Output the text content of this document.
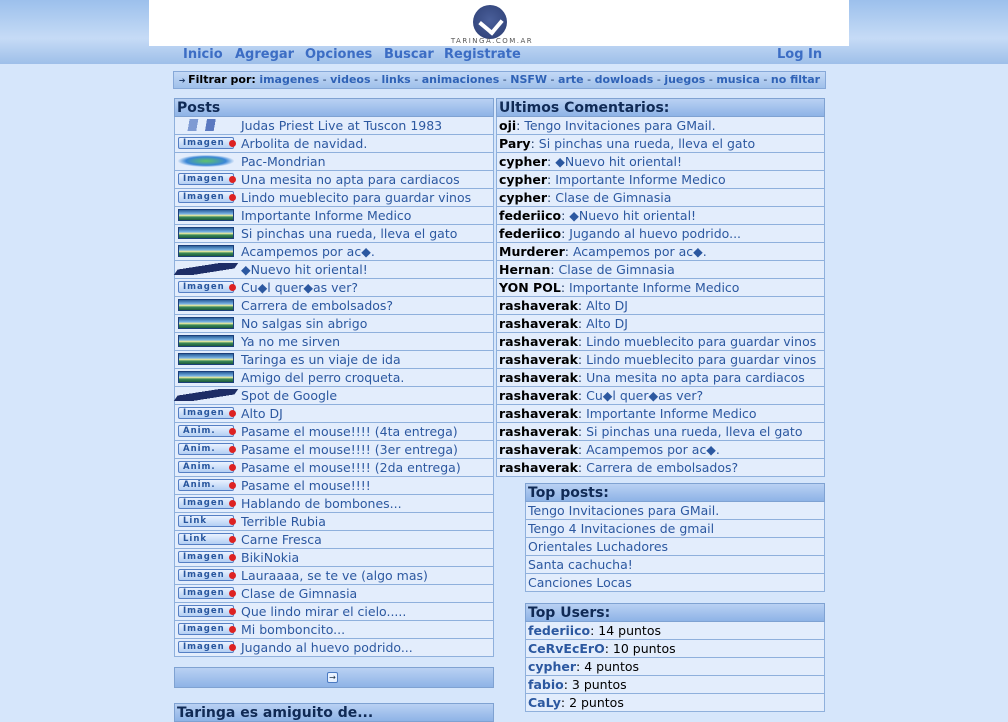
TARINGA.COM.AR
Inicio Agregar Opciones Buscar Registrate	Log In
➔ Filtrar por: imagenes - videos - links - animaciones - NSFW - arte - dowloads - juegos - musica - no filtar
Posts
Judas Priest Live at Tuscon 1983
Imagen	Arbolita de navidad.
Pac-Mondrian
Imagen	Una mesita no apta para cardiacos
Imagen	Lindo mueblecito para guardar vinos
Importante Informe Medico
Si pinchas una rueda, lleva el gato
Acampemos por ac◆.
◆Nuevo hit oriental!
Imagen	Cu◆l quer◆as ver?
Carrera de embolsados?
No salgas sin abrigo
Ya no me sirven
Taringa es un viaje de ida
Amigo del perro croqueta.
Spot de Google
Imagen	Alto DJ
Anim.	Pasame el mouse!!!! (4ta entrega)
Anim.	Pasame el mouse!!!! (3er entrega)
Anim.	Pasame el mouse!!!! (2da entrega)
Anim.	Pasame el mouse!!!!
Imagen	Hablando de bombones...
Link	Terrible Rubia
Link	Carne Fresca
Imagen	BikiNokia
Imagen	Lauraaaa, se te ve (algo mas)
Imagen	Clase de Gimnasia
Imagen	Que lindo mirar el cielo.....
Imagen	Mi bomboncito...
Imagen	Jugando al huevo podrido...
→
Taringa es amiguito de...
Ultimos Comentarios:
oji: Tengo Invitaciones para GMail.
Pary: Si pinchas una rueda, lleva el gato
cypher: ◆Nuevo hit oriental!
cypher: Importante Informe Medico
cypher: Clase de Gimnasia
federiico: ◆Nuevo hit oriental!
federiico: Jugando al huevo podrido...
Murderer: Acampemos por ac◆.
Hernan: Clase de Gimnasia
YON POL: Importante Informe Medico
rashaverak: Alto DJ
rashaverak: Alto DJ
rashaverak: Lindo mueblecito para guardar vinos
rashaverak: Lindo mueblecito para guardar vinos
rashaverak: Una mesita no apta para cardiacos
rashaverak: Cu◆l quer◆as ver?
rashaverak: Importante Informe Medico
rashaverak: Si pinchas una rueda, lleva el gato
rashaverak: Acampemos por ac◆.
rashaverak: Carrera de embolsados?
Top posts:
Tengo Invitaciones para GMail.
Tengo 4 Invitaciones de gmail
Orientales Luchadores
Santa cachucha!
Canciones Locas
Top Users:
federiico: 14 puntos
CeRvEcErO: 10 puntos
cypher: 4 puntos
fabio: 3 puntos
CaLy: 2 puntos
